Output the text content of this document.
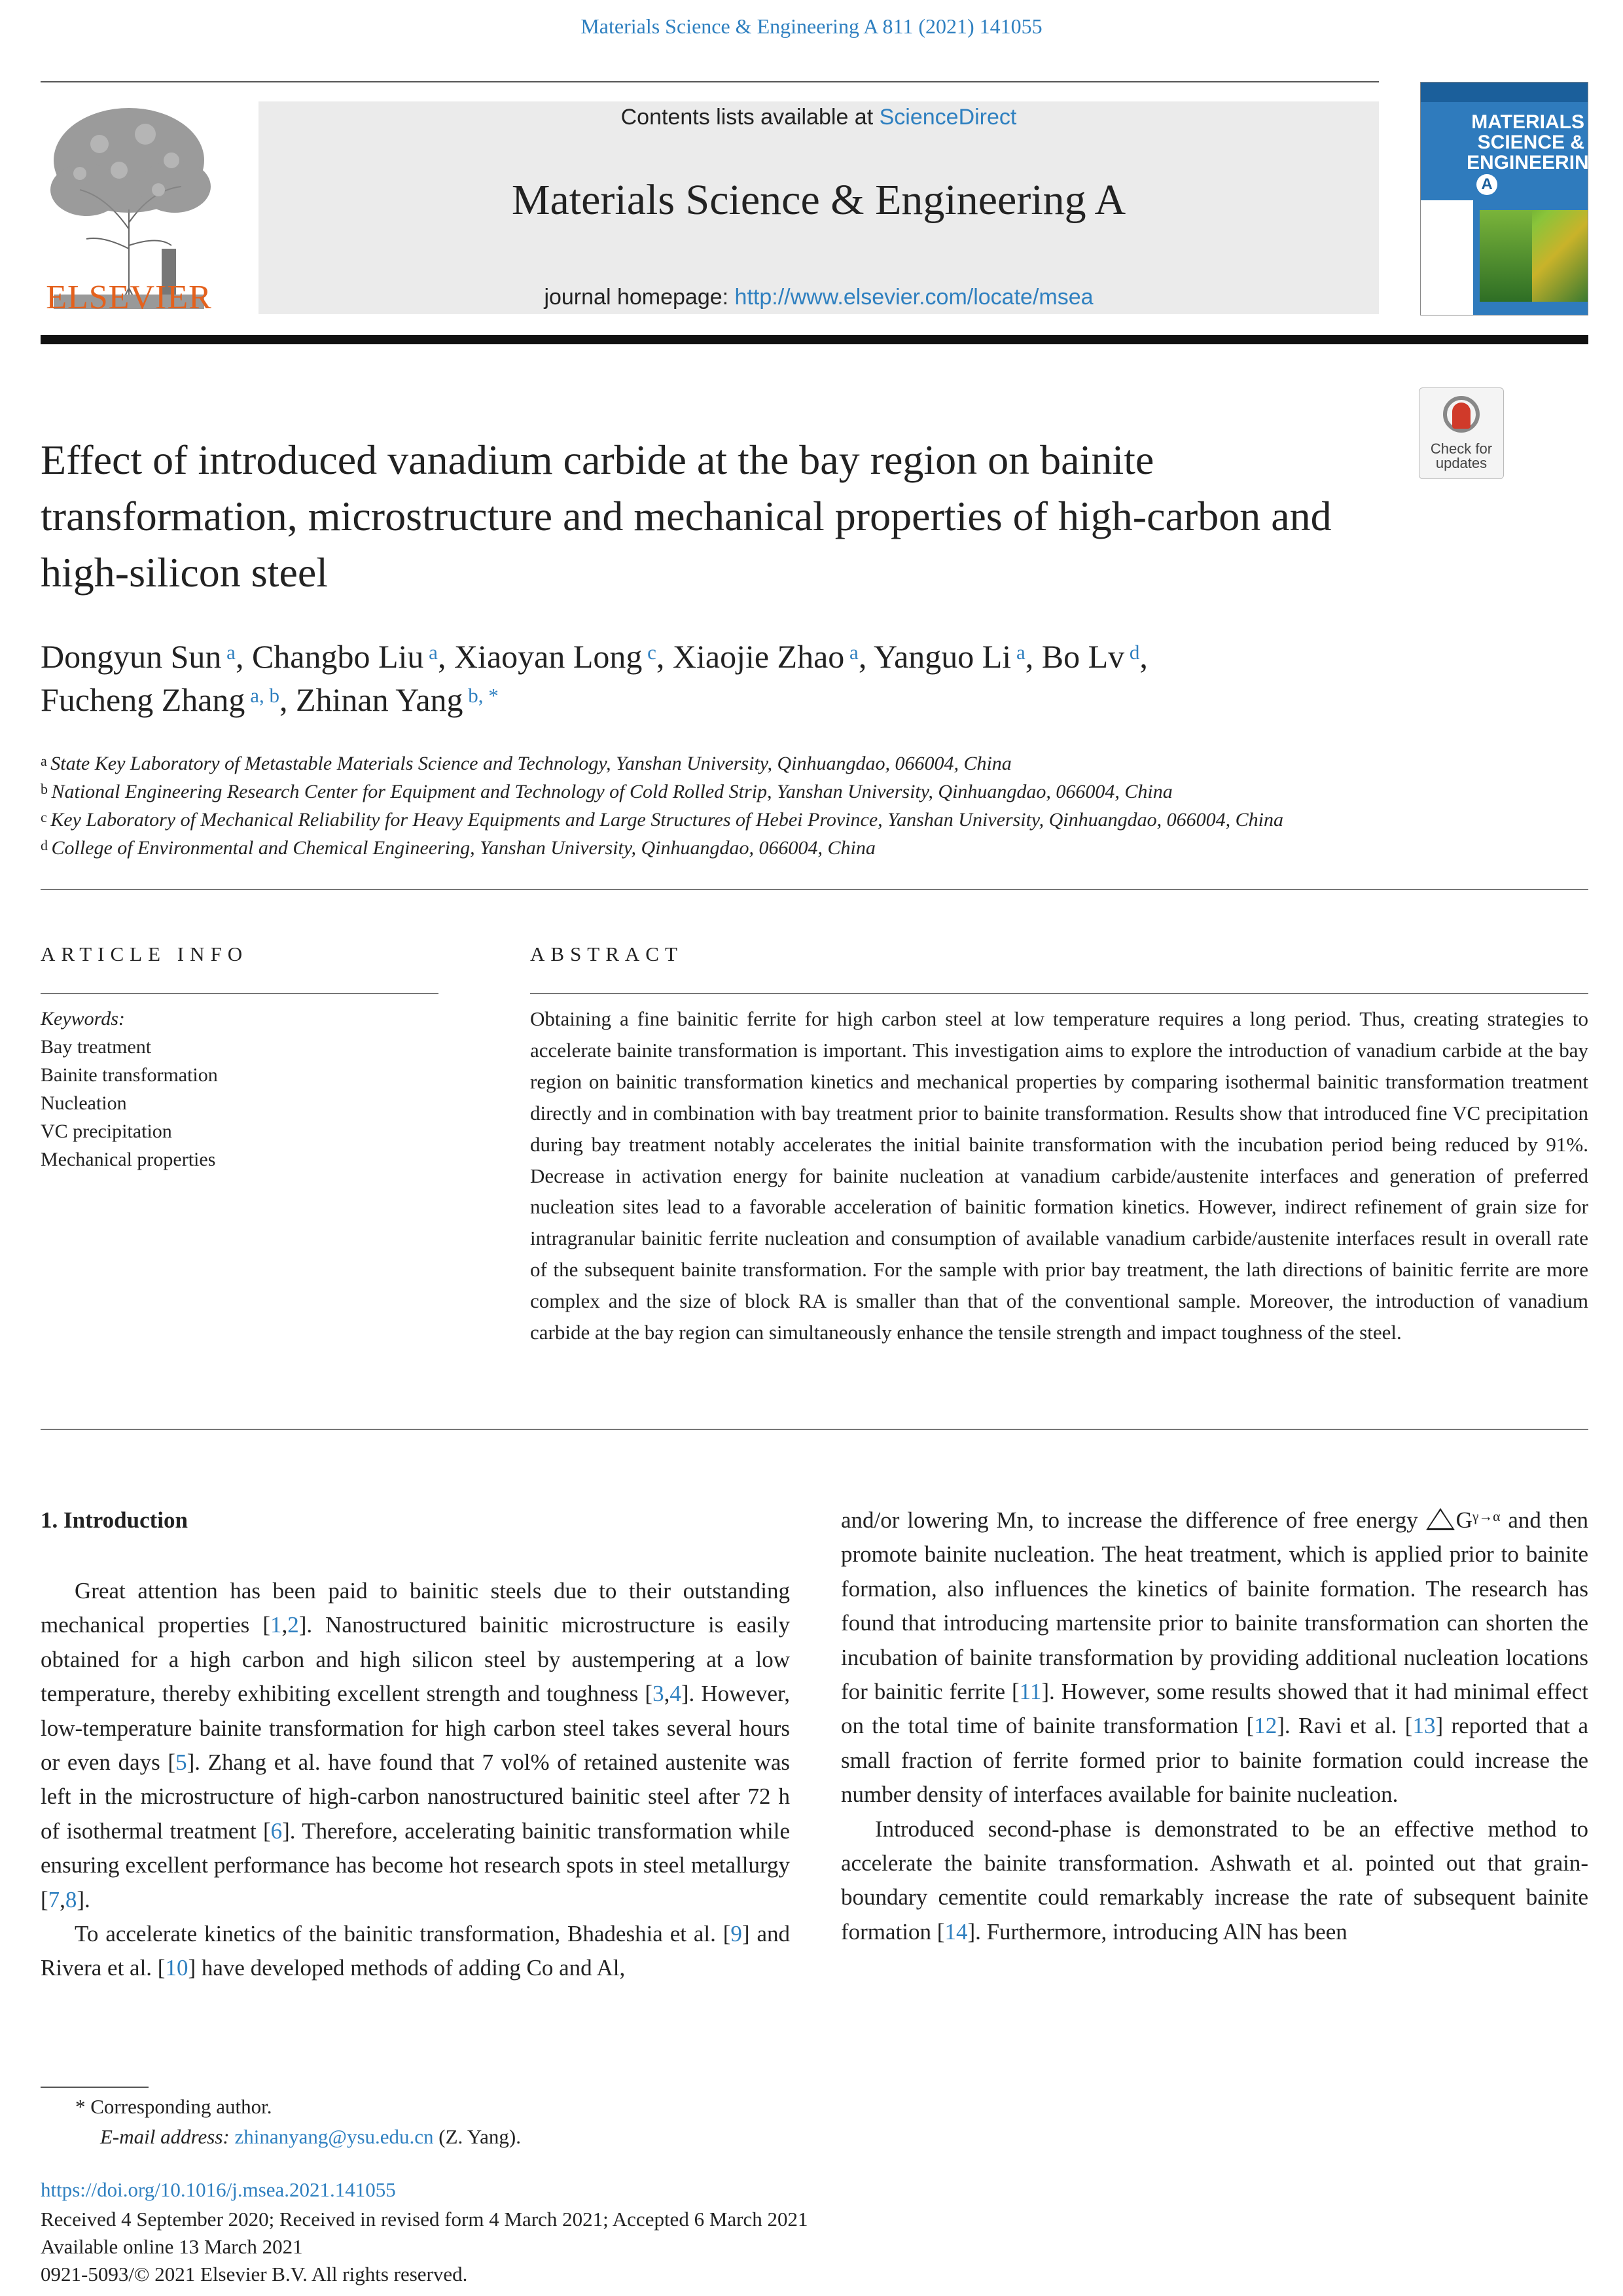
Materials Science & Engineering A 811 (2021) 141055
ELSEVIER
Contents lists available at ScienceDirect
Materials Science & Engineering A
journal homepage: http://www.elsevier.com/locate/msea
MATERIALS SCIENCE & ENGINEERING
A
Check for updates
Effect of introduced vanadium carbide at the bay region on bainite transformation, microstructure and mechanical properties of high-carbon and high-silicon steel
Dongyun Sun $^a$, Changbo Liu $^a$, Xiaoyan Long $^c$, Xiaojie Zhao $^a$, Yanguo Li $^a$, Bo Lv $^d$,
Fucheng Zhang $^{a, b}$, Zhinan Yang $^{b, *}$
$^a$ State Key Laboratory of Metastable Materials Science and Technology, Yanshan University, Qinhuangdao, 066004, China
$^b$ National Engineering Research Center for Equipment and Technology of Cold Rolled Strip, Yanshan University, Qinhuangdao, 066004, China
$^c$ Key Laboratory of Mechanical Reliability for Heavy Equipments and Large Structures of Hebei Province, Yanshan University, Qinhuangdao, 066004, China
$^d$ College of Environmental and Chemical Engineering, Yanshan University, Qinhuangdao, 066004, China
ARTICLE INFO	ABSTRACT
Keywords:
Bay treatment
Bainite transformation
Nucleation
VC precipitation
Mechanical properties
Obtaining a fine bainitic ferrite for high carbon steel at low temperature requires a long period. Thus, creating strategies to accelerate bainite transformation is important. This investigation aims to explore the introduction of vanadium carbide at the bay region on bainitic transformation kinetics and mechanical properties by comparing isothermal bainitic transformation treatment directly and in combination with bay treatment prior to bainite transformation. Results show that introduced fine VC precipitation during bay treatment notably accelerates the initial bainite transformation with the incubation period being reduced by 91%. Decrease in activation energy for bainite nucleation at vanadium carbide/austenite interfaces and generation of preferred nucleation sites lead to a favorable acceleration of bainitic formation kinetics. However, indirect refinement of grain size for intragranular bainitic ferrite nucleation and consumption of available vanadium carbide/austenite interfaces result in overall rate of the subsequent bainite transformation. For the sample with prior bay treatment, the lath directions of bainitic ferrite are more complex and the size of block RA is smaller than that of the conventional sample. Moreover, the introduction of vanadium carbide at the bay region can simultaneously enhance the tensile strength and impact toughness of the steel.
1. Introduction

Great attention has been paid to bainitic steels due to their outstanding mechanical properties [1,2]. Nanostructured bainitic microstructure is easily obtained for a high carbon and high silicon steel by austempering at a low temperature, thereby exhibiting excellent strength and toughness [3,4]. However, low-temperature bainite transformation for high carbon steel takes several hours or even days [5]. Zhang et al. have found that 7 vol% of retained austenite was left in the microstructure of high-carbon nanostructured bainitic steel after 72 h of isothermal treatment [6]. Therefore, accelerating bainitic transformation while ensuring excellent performance has become hot research spots in steel metallurgy [7,8].

To accelerate kinetics of the bainitic transformation, Bhadeshia et al. [9] and Rivera et al. [10] have developed methods of adding Co and Al,

and/or lowering Mn, to increase the difference of free energy $G^{\gamma\to\alpha}$ and then promote bainite nucleation. The heat treatment, which is applied prior to bainite formation, also influences the kinetics of bainite formation. The research has found that introducing martensite prior to bainite transformation can shorten the incubation of bainite transformation by providing additional nucleation locations for bainitic ferrite [11]. However, some results showed that it had minimal effect on the total time of bainite transformation [12]. Ravi et al. [13] reported that a small fraction of ferrite formed prior to bainite formation could increase the number density of interfaces available for bainite nucleation.

Introduced second-phase is demonstrated to be an effective method to accelerate the bainite transformation. Ashwath et al. pointed out that grain-boundary cementite could remarkably increase the rate of subsequent bainite formation [14]. Furthermore, introducing AlN has been

* Corresponding author.
E-mail address: zhinanyang@ysu.edu.cn (Z. Yang).
https://doi.org/10.1016/j.msea.2021.141055
Received 4 September 2020; Received in revised form 4 March 2021; Accepted 6 March 2021
Available online 13 March 2021
0921-5093/© 2021 Elsevier B.V. All rights reserved.
